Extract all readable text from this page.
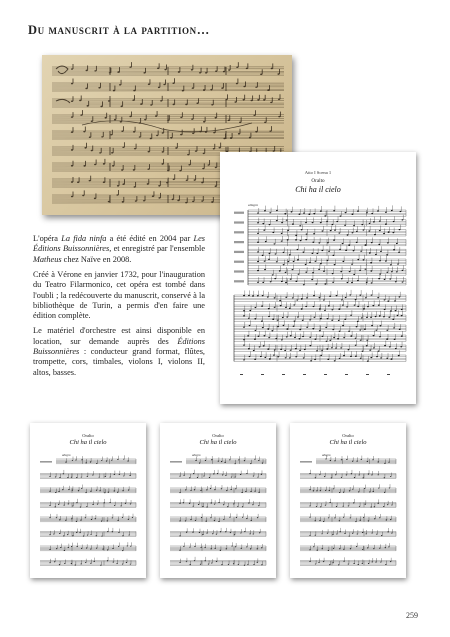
Du manuscrit à la partition…
allegro
Atto I Scena 1
Oralto
Chi ha il cielo

L'opéra La fida ninfa a été édité en 2004 par Les Éditions Buissonnières, et enregistré par l'ensemble Matheus chez Naïve en 2008.

Créé à Vérone en janvier 1732, pour l'inauguration du Teatro Filarmonico, cet opéra est tombé dans l'oubli ; la redécouverte du manuscrit, conservé à la bibliothèque de Turin, a permis d'en faire une édition complète.

Le matériel d'orchestre est ainsi disponible en location, sur demande auprès des Éditions Buissonnières : conducteur grand format, flûtes, trompette, cors, timbales, violons I, violons II, altos, basses.

allegro
Oralto
Chi ha il cielo
allegro
Oralto
Chi ha il cielo
allegro
Oralto
Chi ha il cielo
259
